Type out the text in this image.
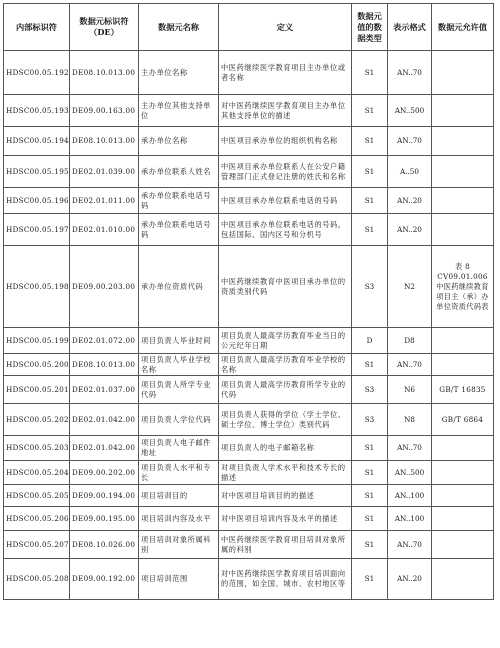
内部标识符	数据元标识符（DE）	数据元名称	定义	数据元值的数据类型	表示格式	数据元允许值
HDSC00.05.192	DE08.10.013.00	主办单位名称	中医药继续医学教育项目主办单位或者名称	S1	AN..70	
HDSC00.05.193	DE09.00.163.00	主办单位其他支持单位	对中医药继续医学教育项目主办单位其他支持单位的描述	S1	AN..500	
HDSC00.05.194	DE08.10.013.00	承办单位名称	中医项目承办单位的组织机构名称	S1	AN..70	
HDSC00.05.195	DE02.01.039.00	承办单位联系人姓名	中医项目承办单位联系人在公安户籍管理部门正式登记注册的姓氏和名称	S1	A..50	
HDSC00.05.196	DE02.01.011.00	承办单位联系电话号码	中医项目承办单位联系电话的号码	S1	AN..20	
HDSC00.05.197	DE02.01.010.00	承办单位联系电话号码	中医项目承办单位联系电话的号码，包括国际、国内区号和分机号	S1	AN..20	
HDSC00.05.198	DE09.00.203.00	承办单位资质代码	中医药继续教育中医项目承办单位的资质类别代码	S3	N2	表 8 CV09.01.006 中医药继续教育项目主（承）办单位资质代码表
HDSC00.05.199	DE02.01.072.00	项目负责人毕业时间	项目负责人最高学历教育毕业当日的公元纪年日期	D	D8	
HDSC00.05.200	DE08.10.013.00	项目负责人毕业学校名称	项目负责人最高学历教育毕业学校的名称	S1	AN..70	
HDSC00.05.201	DE02.01.037.00	项目负责人所学专业代码	项目负责人最高学历教育所学专业的代码	S3	N6	GB/T 16835
HDSC00.05.202	DE02.01.042.00	项目负责人学位代码	项目负责人获得的学位（学士学位、硕士学位、博士学位）类别代码	S3	N8	GB/T 6864
HDSC00.05.203	DE02.01.042.00	项目负责人电子邮件地址	项目负责人的电子邮箱名称	S1	AN..70	
HDSC00.05.204	DE09.00.202.00	项目负责人水平和专长	对项目负责人学术水平和技术专长的描述	S1	AN..500	
HDSC00.05.205	DE09.00.194.00	项目培训目的	对中医项目培训目的的描述	S1	AN..100	
HDSC00.05.206	DE09.00.195.00	项目培训内容及水平	对中医项目培训内容及水平的描述	S1	AN..100	
HDSC00.05.207	DE08.10.026.00	项目培训对象所属科别	中医药继续医学教育项目培训对象所属的科别	S1	AN..70	
HDSC00.05.208	DE09.00.192.00	项目培训范围	对中医药继续医学教育项目培训面向的范围，如全国、城市、农村地区等	S1	AN..20	
